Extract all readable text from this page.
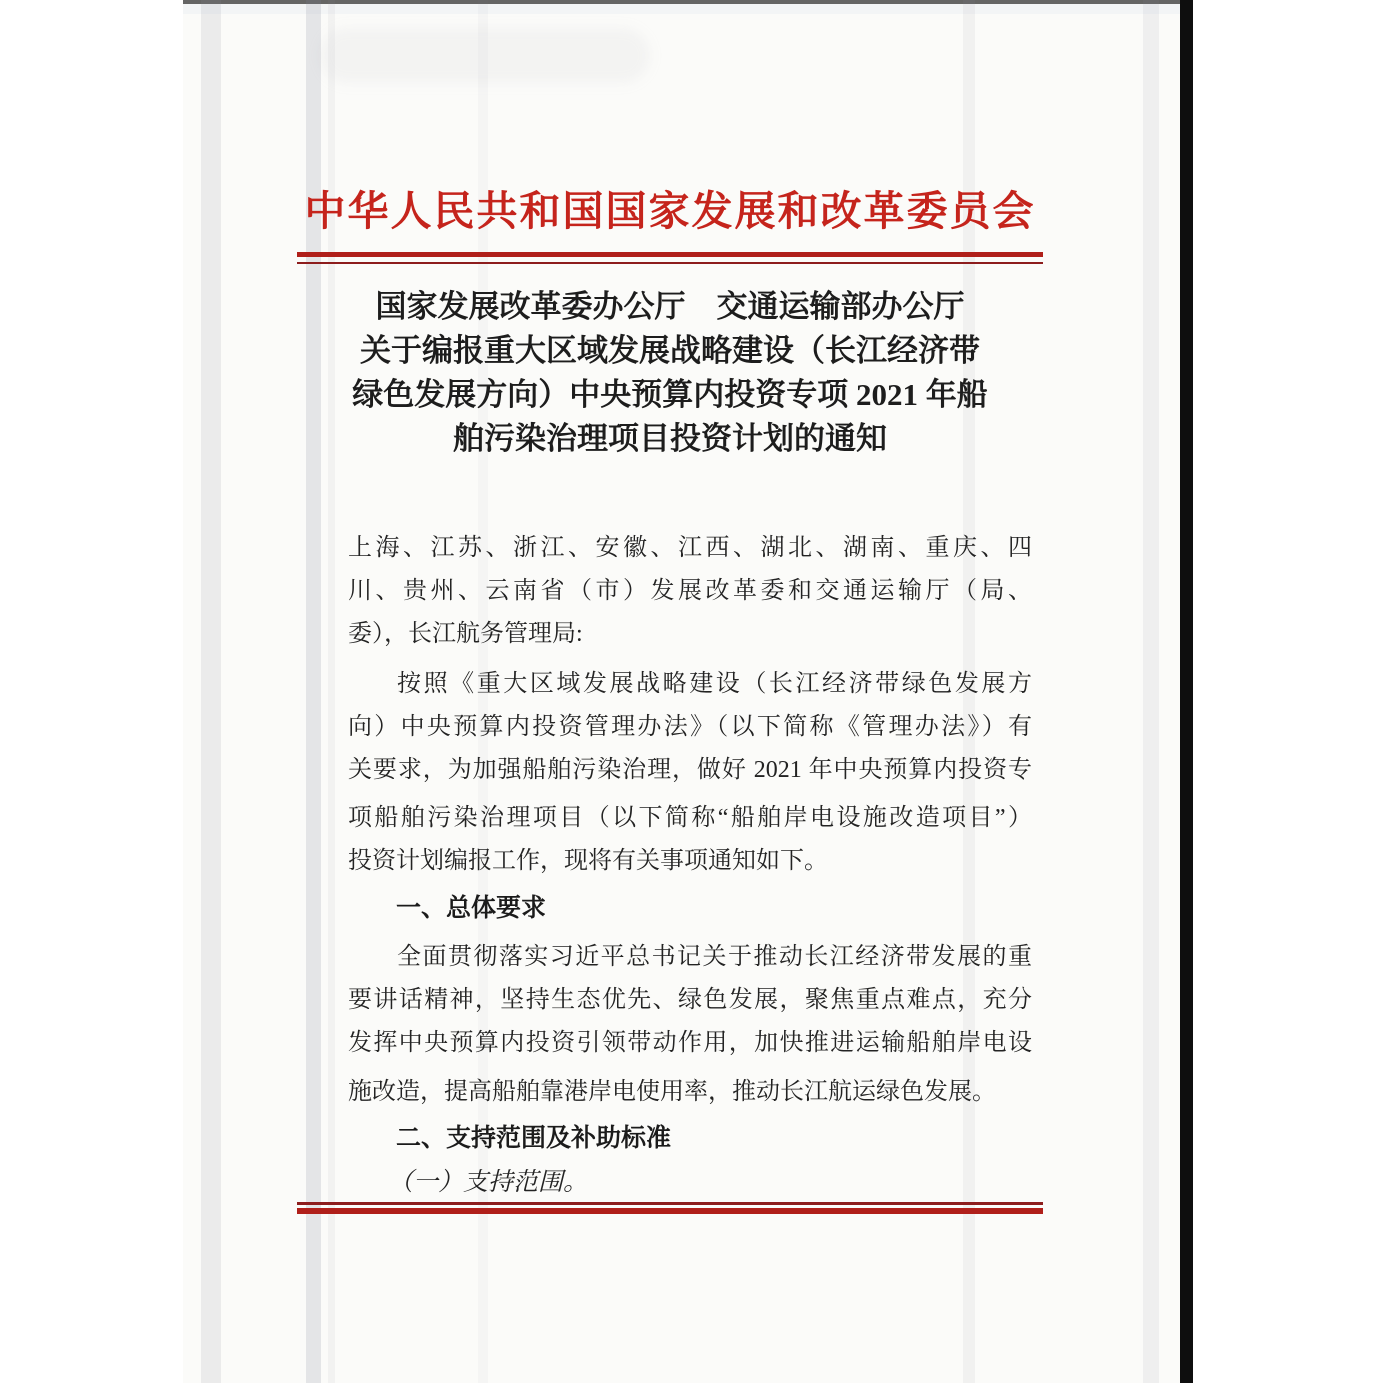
中华人民共和国国家发展和改革委员会
国家发展改革委办公厅　交通运输部办公厅
关于编报重大区域发展战略建设（长江经济带
绿色发展方向）中央预算内投资专项 2021 年船
舶污染治理项目投资计划的通知
上海、江苏、浙江、安徽、江西、湖北、湖南、重庆、四
川、贵州、云南省（市）发展改革委和交通运输厅（局、
委），长江航务管理局:
按照《重大区域发展战略建设（长江经济带绿色发展方
向）中央预算内投资管理办法》（以下简称《管理办法》）有
关要求，为加强船舶污染治理，做好 2021 年中央预算内投资专
项船舶污染治理项目（以下简称“船舶岸电设施改造项目”）
投资计划编报工作，现将有关事项通知如下。
一、总体要求
全面贯彻落实习近平总书记关于推动长江经济带发展的重
要讲话精神，坚持生态优先、绿色发展，聚焦重点难点，充分
发挥中央预算内投资引领带动作用，加快推进运输船舶岸电设
施改造，提高船舶靠港岸电使用率，推动长江航运绿色发展。
二、支持范围及补助标准
（一）支持范围。
